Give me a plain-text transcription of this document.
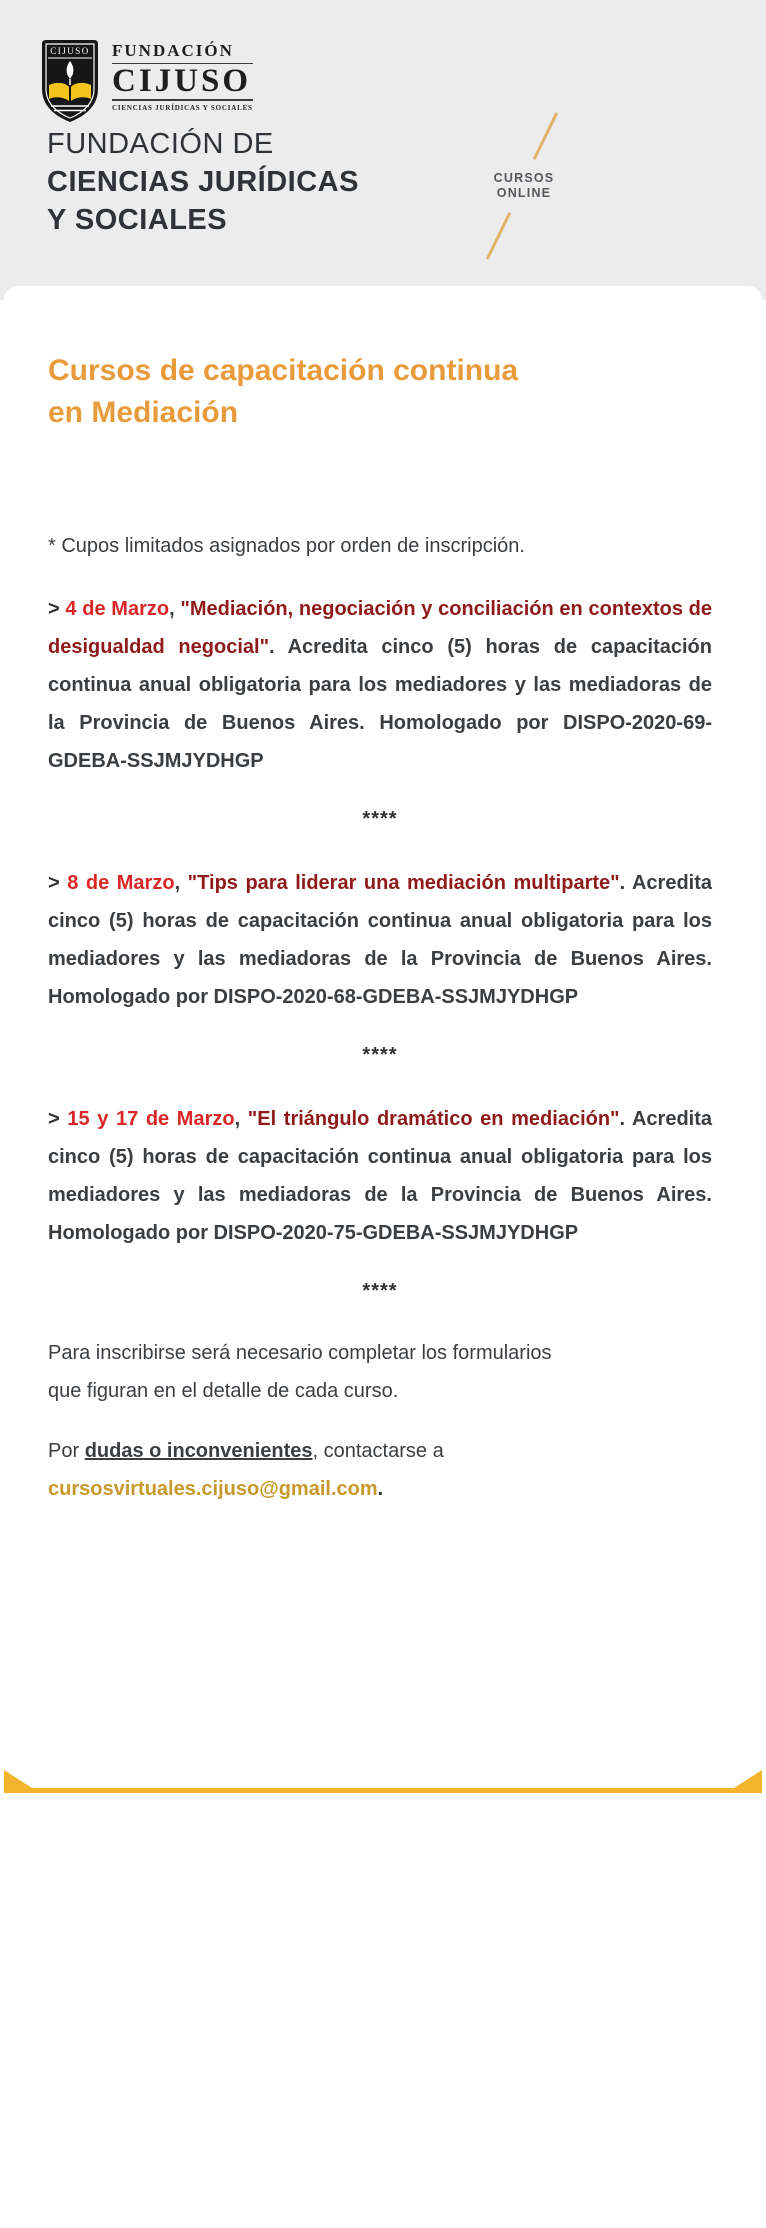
CIJUSO FUNDACIÓN
CIJUSO
CIENCIAS JURÍDICAS Y SOCIALES
FUNDACIÓN DE
CIENCIAS JURÍDICAS
Y SOCIALES
CURSOS
ONLINE
Cursos de capacitación continua
en Mediación

* Cupos limitados asignados por orden de inscripción.

> 4 de Marzo, "Mediación, negociación y conciliación en contextos de desigualdad negocial". Acredita cinco (5) horas de capacitación continua anual obligatoria para los mediadores y las mediadoras de la Provincia de Buenos Aires. Homologado por DISPO-2020-69-GDEBA-SSJMJYDHGP

****

> 8 de Marzo, "Tips para liderar una mediación multiparte". Acredita cinco (5) horas de capacitación continua anual obligatoria para los mediadores y las mediadoras de la Provincia de Buenos Aires. Homologado por DISPO-2020-68-GDEBA-SSJMJYDHGP

****

> 15 y 17 de Marzo, "El triángulo dramático en mediación". Acredita cinco (5) horas de capacitación continua anual obligatoria para los mediadores y las mediadoras de la Provincia de Buenos Aires. Homologado por DISPO-2020-75-GDEBA-SSJMJYDHGP

****

Para inscribirse será necesario completar los formularios
que figuran en el detalle de cada curso.

Por dudas o inconvenientes, contactarse a
cursosvirtuales.cijuso@gmail.com.
